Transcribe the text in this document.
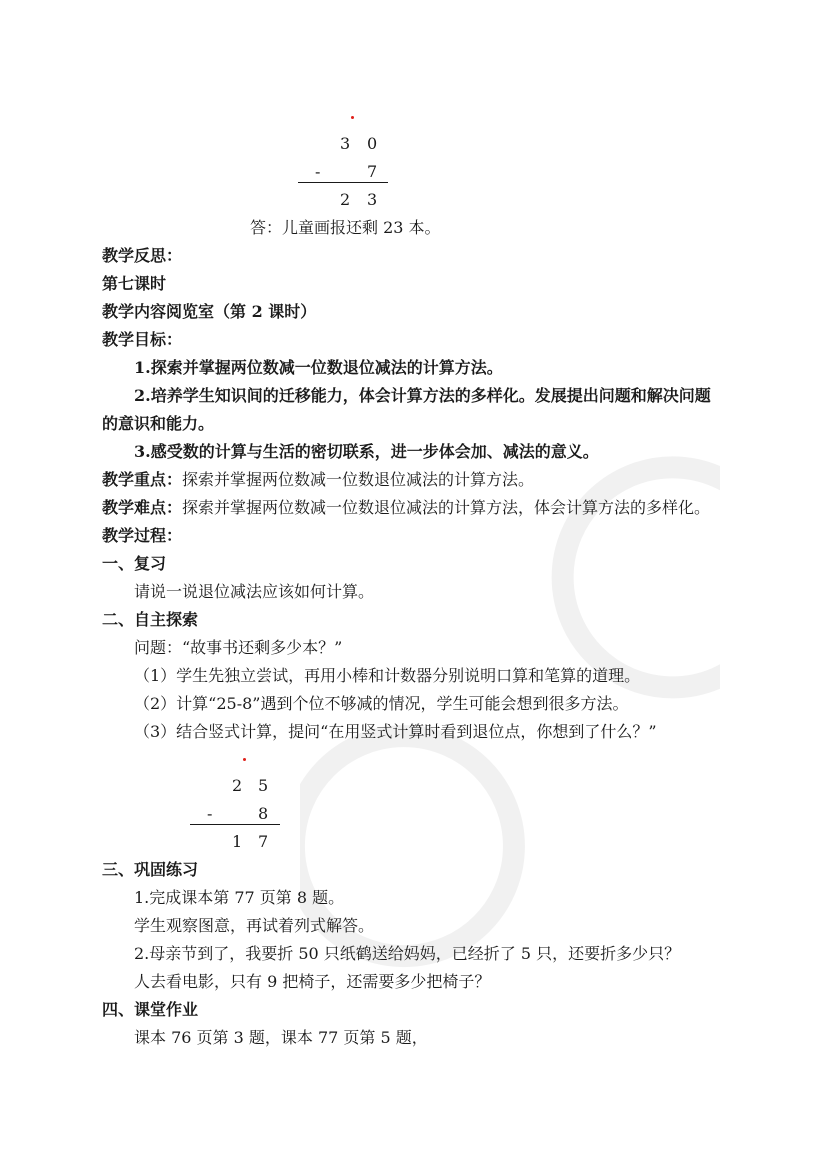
3 0
-	7
2 3
答：儿童画报还剩 23 本。
教学反思：
第七课时
教学内容阅览室（第 2 课时）
教学目标：
1.探索并掌握两位数减一位数退位减法的计算方法。
2.培养学生知识间的迁移能力，体会计算方法的多样化。发展提出问题和解决问题
的意识和能力。
3.感受数的计算与生活的密切联系，进一步体会加、减法的意义。
教学重点：探索并掌握两位数减一位数退位减法的计算方法。
教学难点：探索并掌握两位数减一位数退位减法的计算方法，体会计算方法的多样化。
教学过程：
一、复习
请说一说退位减法应该如何计算。
二、自主探索
问题：“故事书还剩多少本？”
（1）学生先独立尝试，再用小棒和计数器分别说明口算和笔算的道理。
（2）计算“25-8”遇到个位不够减的情况，学生可能会想到很多方法。
（3）结合竖式计算，提问“在用竖式计算时看到退位点，你想到了什么？”
2 5
-	8
1 7
三、巩固练习
1.完成课本第 77 页第 8 题。
学生观察图意，再试着列式解答。
2.母亲节到了，我要折 50 只纸鹤送给妈妈，已经折了 5 只，还要折多少只？
人去看电影，只有 9 把椅子，还需要多少把椅子？
四、课堂作业
课本 76 页第 3 题，课本 77 页第 5 题，
